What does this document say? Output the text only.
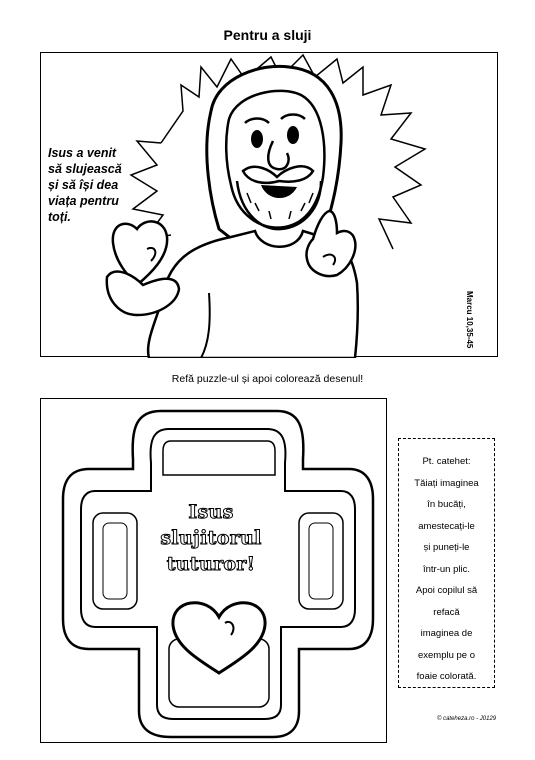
Pentru a sluji
Isus a venit
să slujească
și să își dea
viața pentru
toți.
Marcu 10,35-45
Refă puzzle-ul și apoi colorează desenul!
Isus
slujitorul
tuturor!
Pt. catehet:
Tăiați imaginea
în bucăți,
amestecați-le
și puneți-le
într-un plic.
Apoi copilul să
refacă
imaginea de
exemplu pe o
foaie colorată.
© cateheza.ro - J0129
